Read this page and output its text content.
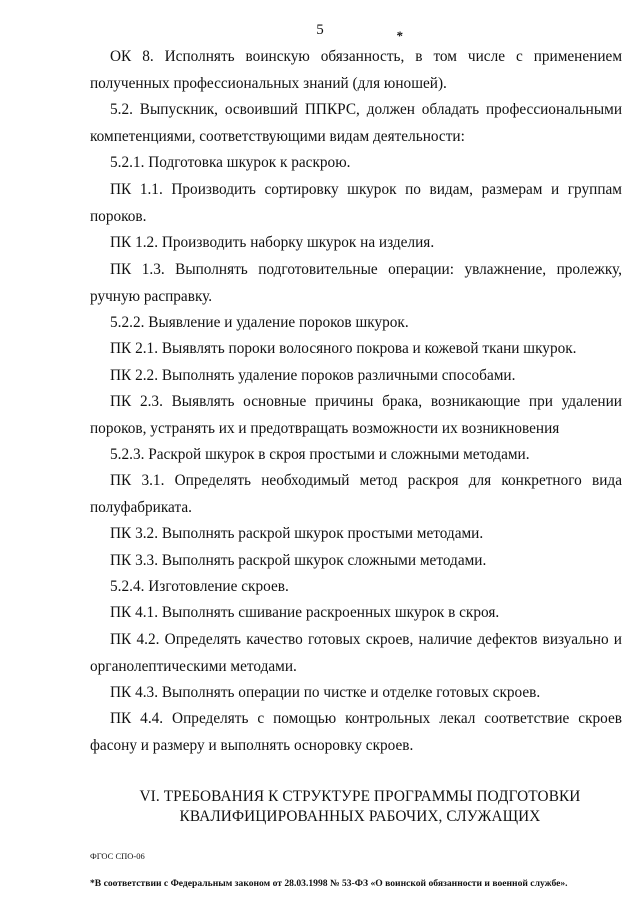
5	*
ОК 8. Исполнять воинскую обязанность, в том числе с применением полученных профессиональных знаний (для юношей).
5.2. Выпускник, освоивший ППКРС, должен обладать профессиональными компетенциями, соответствующими видам деятельности:
5.2.1. Подготовка шкурок к раскрою.
ПК 1.1. Производить сортировку шкурок по видам, размерам и группам пороков.
ПК 1.2. Производить наборку шкурок на изделия.
ПК 1.3. Выполнять подготовительные операции: увлажнение, пролежку, ручную расправку.
5.2.2. Выявление и удаление пороков шкурок.
ПК 2.1. Выявлять пороки волосяного покрова и кожевой ткани шкурок.
ПК 2.2. Выполнять удаление пороков различными способами.
ПК 2.3. Выявлять основные причины брака, возникающие при удалении пороков, устранять их и предотвращать возможности их возникновения
5.2.3. Раскрой шкурок в скроя простыми и сложными методами.
ПК 3.1. Определять необходимый метод раскроя для конкретного вида полуфабриката.
ПК 3.2. Выполнять раскрой шкурок простыми методами.
ПК 3.3. Выполнять раскрой шкурок сложными методами.
5.2.4. Изготовление скроев.
ПК 4.1. Выполнять сшивание раскроенных шкурок в скроя.
ПК 4.2. Определять качество готовых скроев, наличие дефектов визуально и органолептическими методами.
ПК 4.3. Выполнять операции по чистке и отделке готовых скроев.
ПК 4.4. Определять с помощью контрольных лекал соответствие скроев фасону и размеру и выполнять осноровку скроев.
VI. ТРЕБОВАНИЯ К СТРУКТУРЕ ПРОГРАММЫ ПОДГОТОВКИ
КВАЛИФИЦИРОВАННЫХ РАБОЧИХ, СЛУЖАЩИХ
ФГОС СПО-06
*В соответствии с Федеральным законом от 28.03.1998 № 53-ФЗ «О воинской обязанности и военной службе».
